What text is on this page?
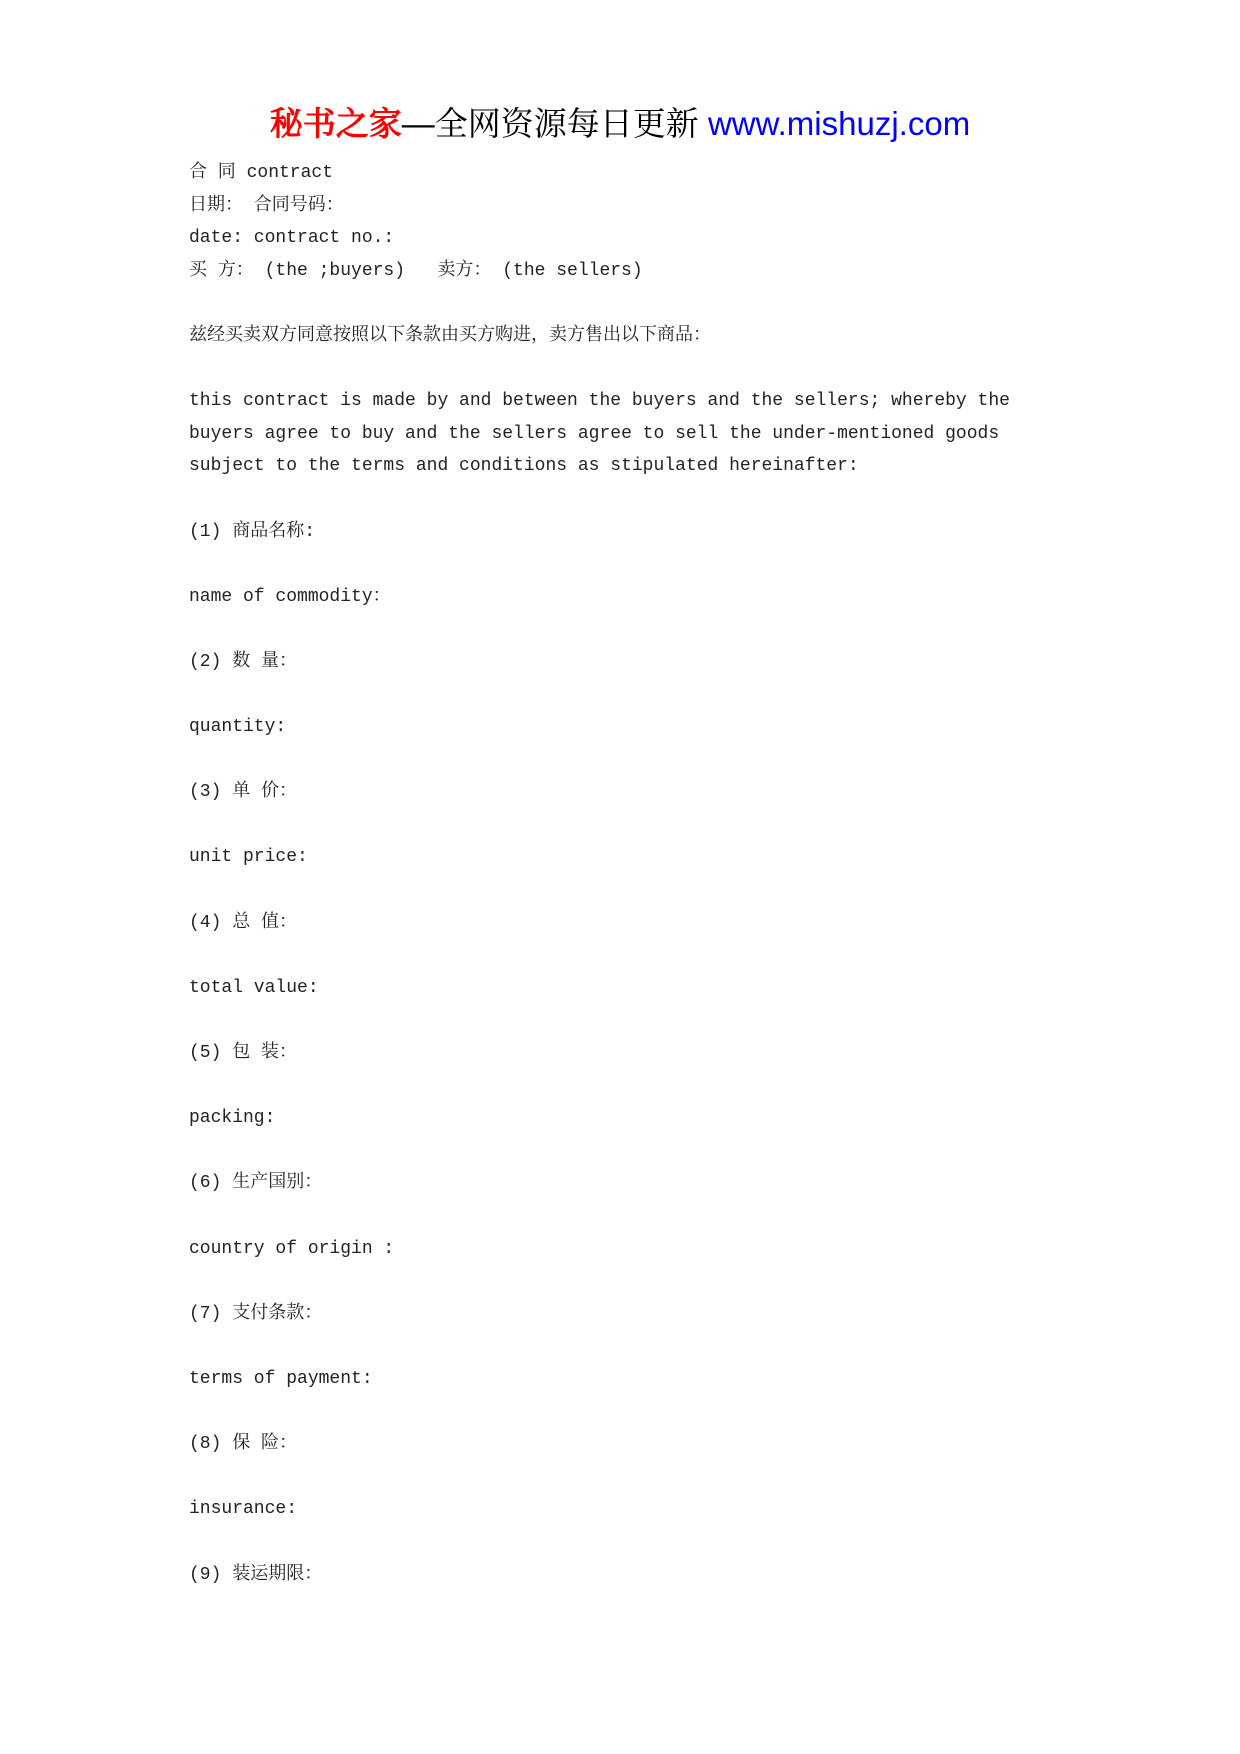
秘书之家—全网资源每日更新 www.mishuzj.com
合 同 contract
日期： 合同号码：
date: contract no.:
买 方： (the ;buyers)   卖方： (the sellers)
兹经买卖双方同意按照以下条款由买方购进，卖方售出以下商品：
this contract is made by and between the buyers and the sellers; whereby the
buyers agree to buy and the sellers agree to sell the under-mentioned goods
subject to the terms and conditions as stipulated hereinafter:
(1) 商品名称:
name of commodity：
(2) 数 量：
quantity:
(3) 单 价：
unit price:
(4) 总 值：
total value:
(5) 包 装：
packing:
(6) 生产国别：
country of origin :
(7) 支付条款：
terms of payment:
(8) 保 险：
insurance:
(9) 装运期限：
